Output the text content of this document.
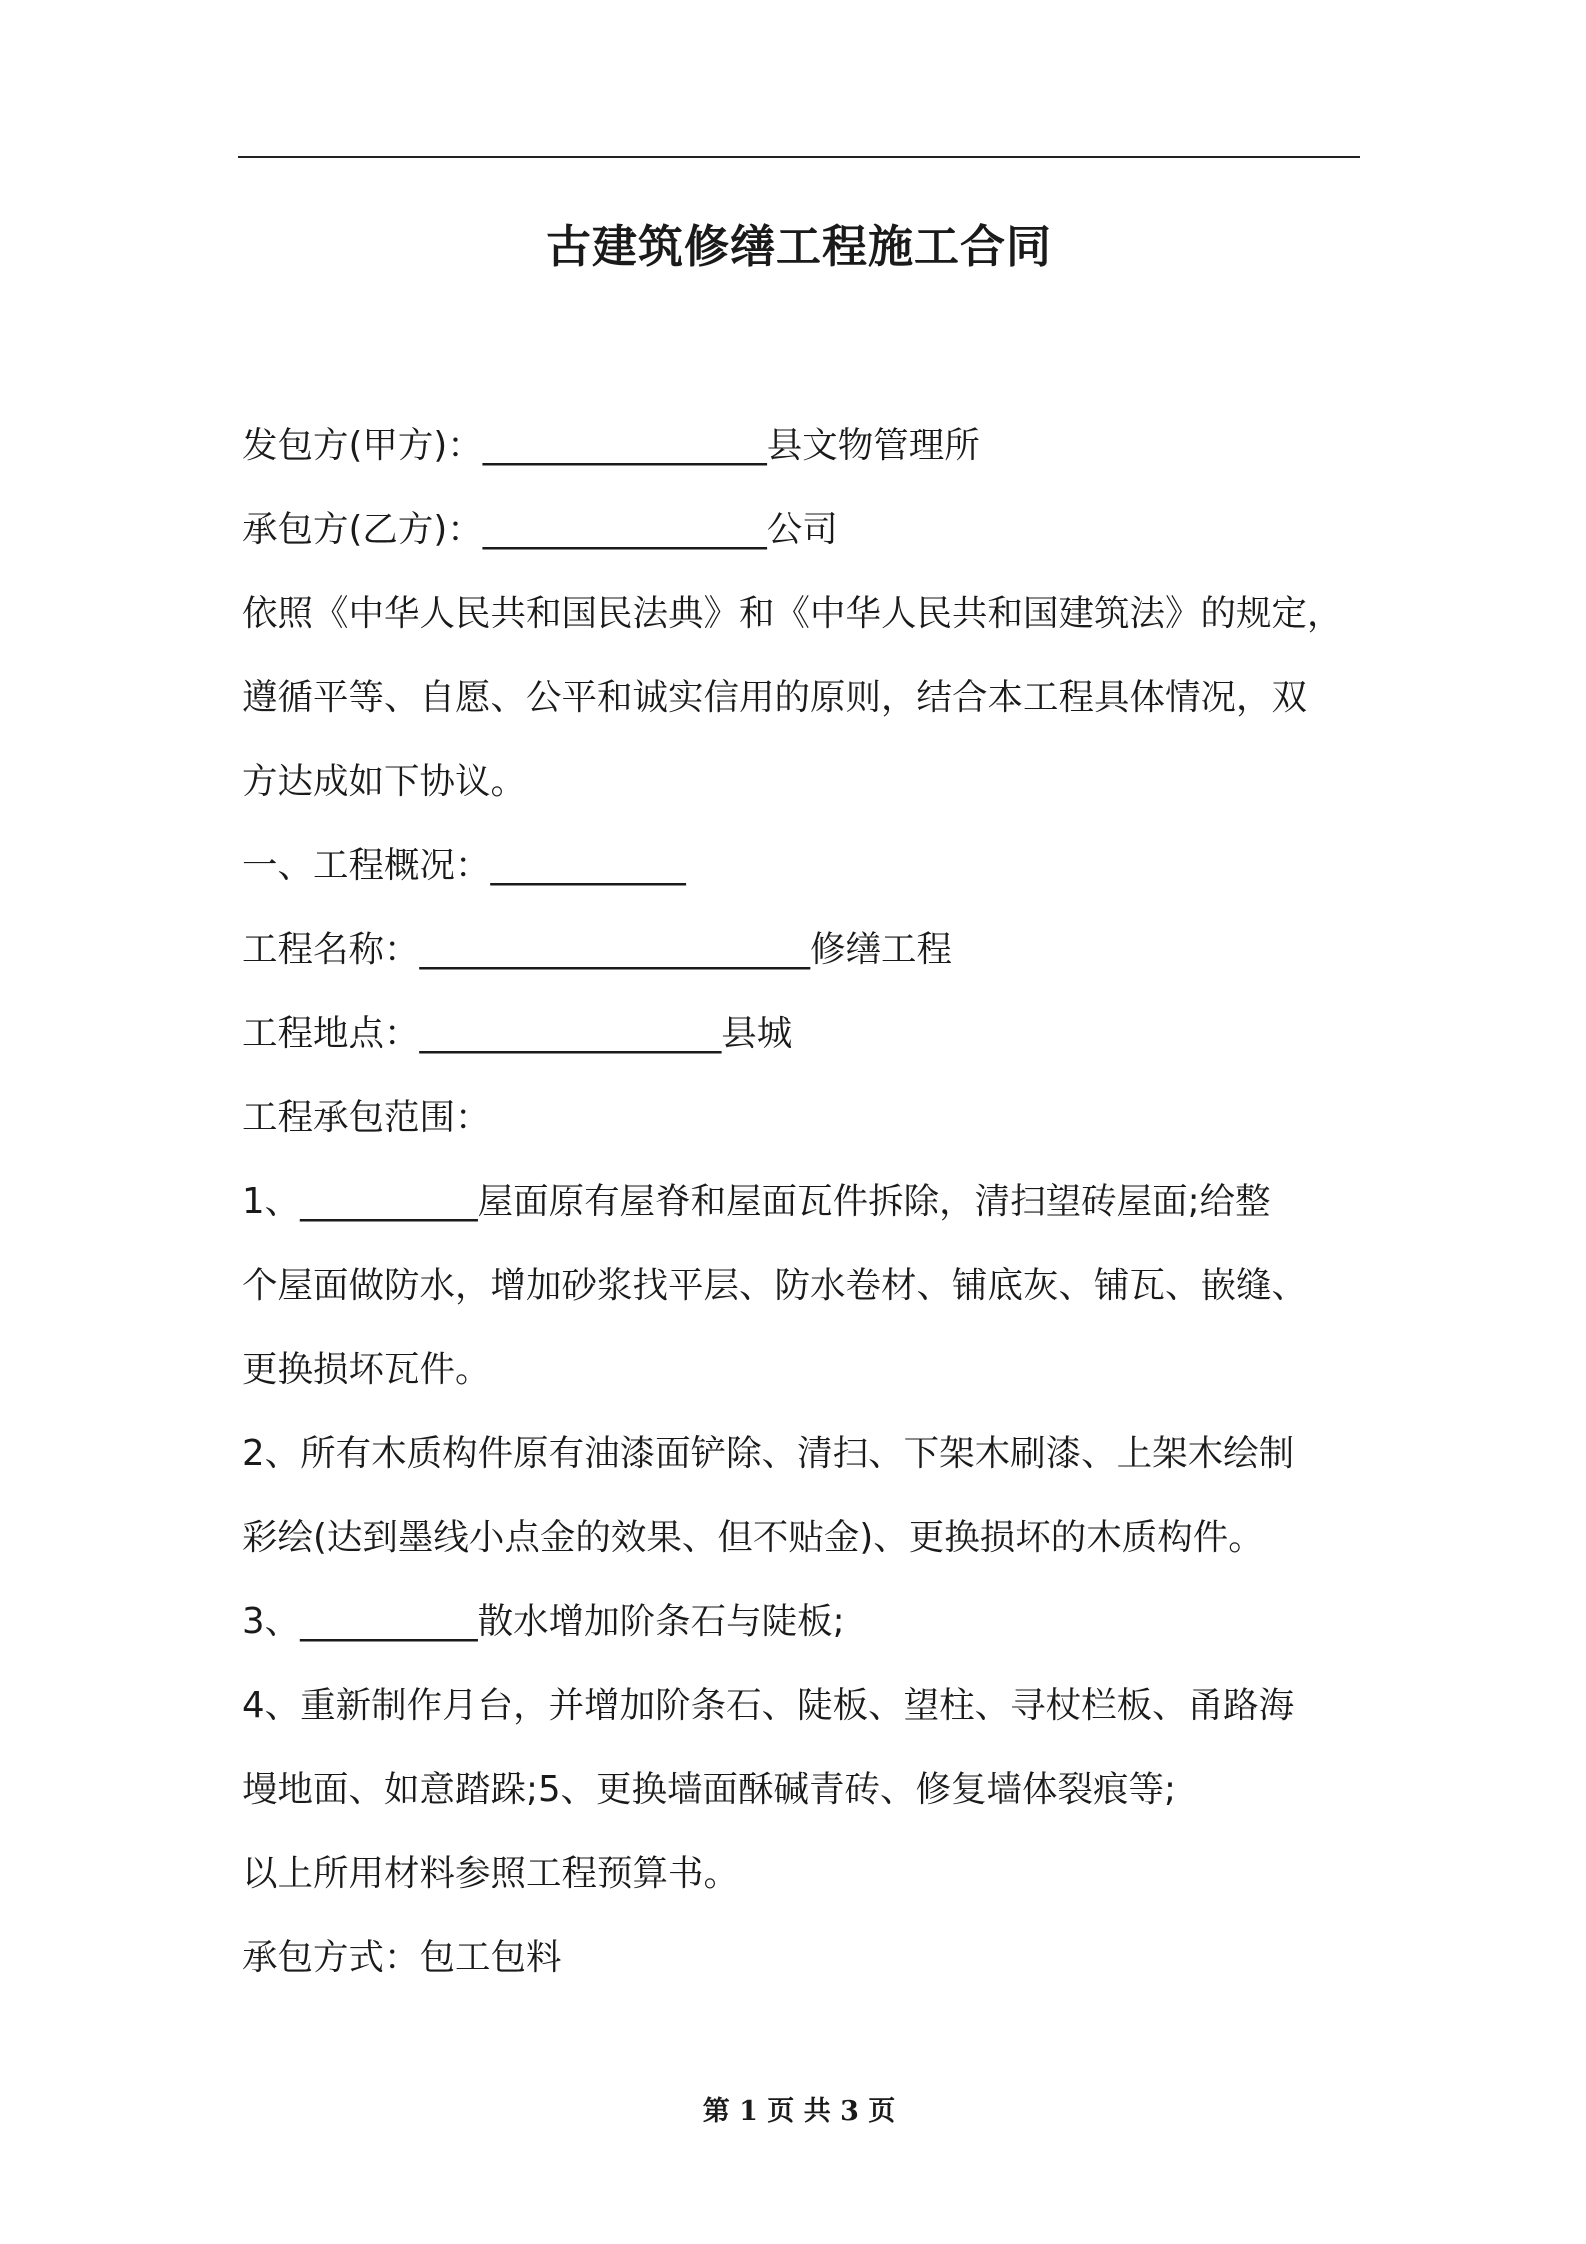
古建筑修缮工程施工合同

发包方(甲方)：________________县文物管理所

承包方(乙方)：________________公司

依照《中华人民共和国民法典》和《中华人民共和国建筑法》的规定，

遵循平等、自愿、公平和诚实信用的原则，结合本工程具体情况，双

方达成如下协议。

一、工程概况：___________

工程名称：______________________修缮工程

工程地点：_________________县城

工程承包范围：

1、__________屋面原有屋脊和屋面瓦件拆除，清扫望砖屋面;给整

个屋面做防水，增加砂浆找平层、防水卷材、铺底灰、铺瓦、嵌缝、

更换损坏瓦件。

2、所有木质构件原有油漆面铲除、清扫、下架木刷漆、上架木绘制

彩绘(达到墨线小点金的效果、但不贴金)、更换损坏的木质构件。

3、__________散水增加阶条石与陡板;

4、重新制作月台，并增加阶条石、陡板、望柱、寻杖栏板、甬路海

墁地面、如意踏跺;5、更换墙面酥碱青砖、修复墙体裂痕等;

以上所用材料参照工程预算书。

承包方式：包工包料

第 1 页 共 3 页
